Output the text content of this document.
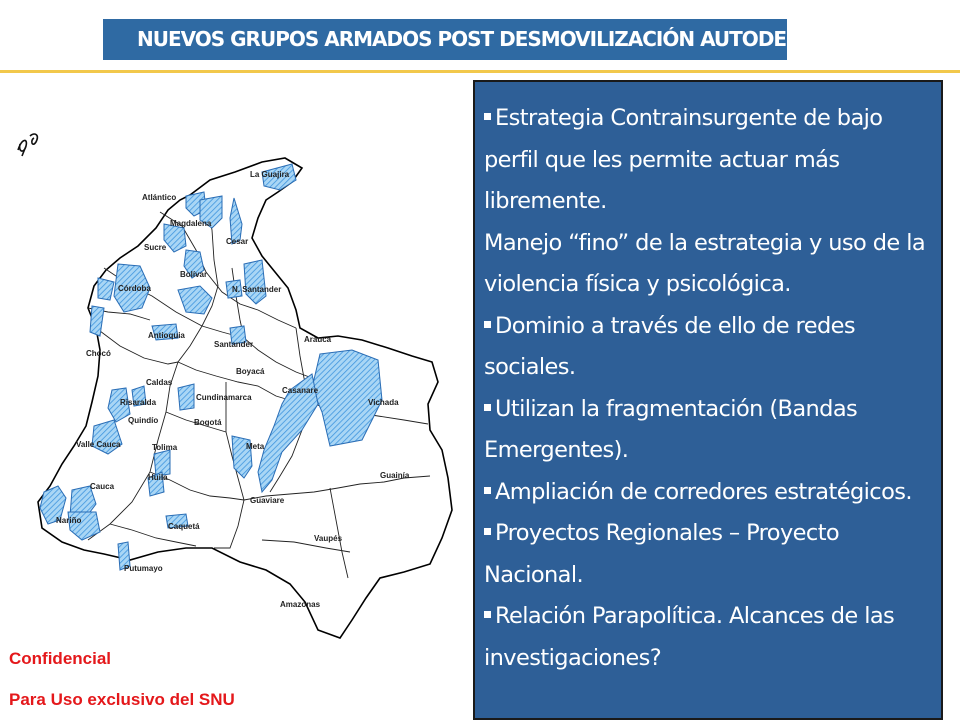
NUEVOS GRUPOS ARMADOS POST DESMOVILIZACIÓN AUTODEFENSAS
La Guajira
Atlántico
Magdalena
Cesar
Sucre
Bolívar
Córdoba	N. Santander
Antioquia
Santander
Chocó
Arauca
Boyacá
Caldas
Casanare
Risaralda
Cundinamarca
Vichada
Quindío
Valle Cauca
Bogotá
Tolima	Meta
Guainía
Huila
Cauca
Guaviare
Nariño
Caquetá
Vaupés
Putumayo
Amazonas
Estrategia Contrainsurgente de bajo perfil que les permite actuar más libremente.
Manejo “fino” de la estrategia y uso de la violencia física y psicológica.
Dominio a través de ello de redes sociales.
Utilizan la fragmentación (Bandas Emergentes).
Ampliación de corredores estratégicos.
Proyectos Regionales – Proyecto Nacional.
Relación Parapolítica. Alcances de las investigaciones?
Confidencial
Para Uso exclusivo del SNU
